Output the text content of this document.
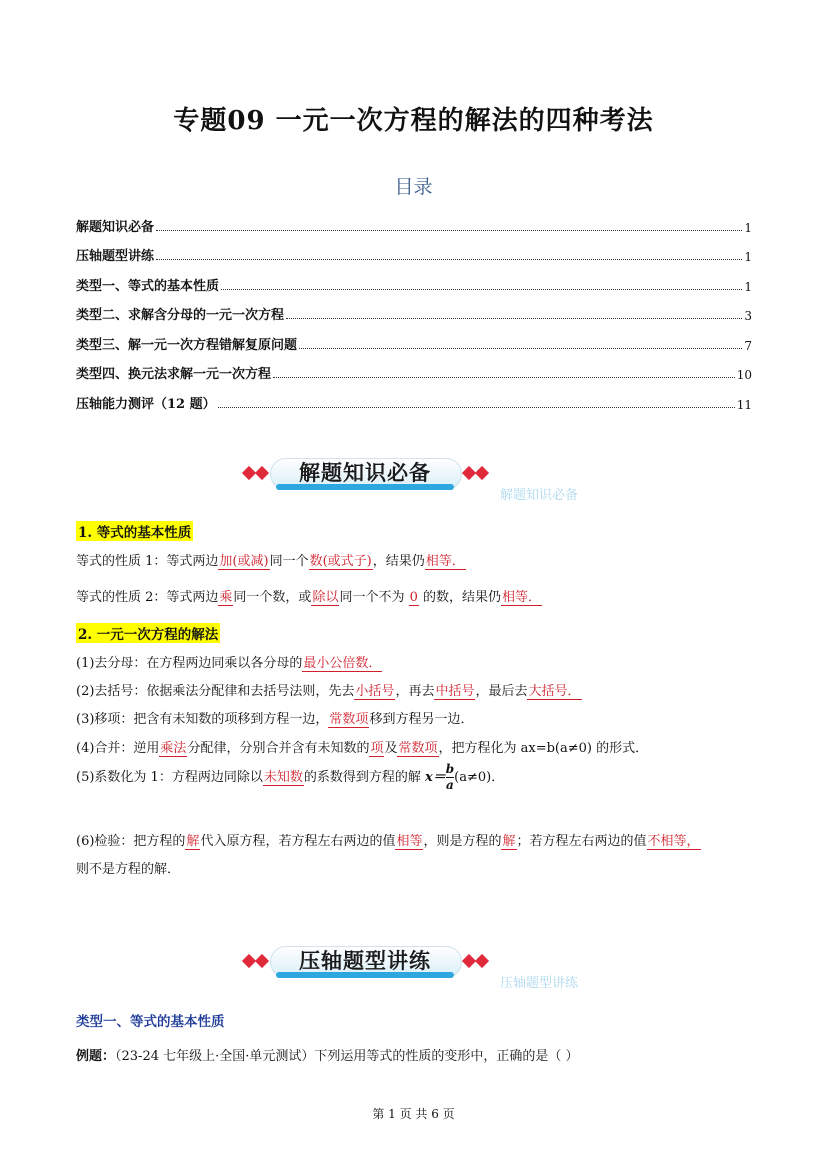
专题09 一元一次方程的解法的四种考法
目录
解题知识必备	1
压轴题型讲练	1
类型一、等式的基本性质	1
类型二、求解含分母的一元一次方程	3
类型三、解一元一次方程错解复原问题	7
类型四、换元法求解一元一次方程	10
压轴能力测评（12 题）	11
解题知识必备
解题知识必备
1. 等式的基本性质
等式的性质 1：等式两边加(或减)同一个数(或式子)，结果仍相等．
等式的性质 2：等式两边乘同一个数，或除以同一个不为 0 的数，结果仍相等．
2. 一元一次方程的解法
(1)去分母：在方程两边同乘以各分母的最小公倍数．
(2)去括号：依据乘法分配律和去括号法则，先去小括号，再去中括号，最后去大括号．
(3)移项：把含有未知数的项移到方程一边，常数项移到方程另一边．
(4)合并：逆用乘法分配律，分别合并含有未知数的项及常数项，把方程化为 ax=b(a≠0) 的形式．
(5)系数化为 1：方程两边同除以未知数的系数得到方程的解 $x=\frac{b}{a}(a\ne 0)$．
(6)检验：把方程的解代入原方程，若方程左右两边的值相等，则是方程的解；若方程左右两边的值不相等，
则不是方程的解．
压轴题型讲练
压轴题型讲练
类型一、等式的基本性质
例题：（23-24 七年级上·全国·单元测试）下列运用等式的性质的变形中，正确的是（ ）
第 1 页 共 6 页
